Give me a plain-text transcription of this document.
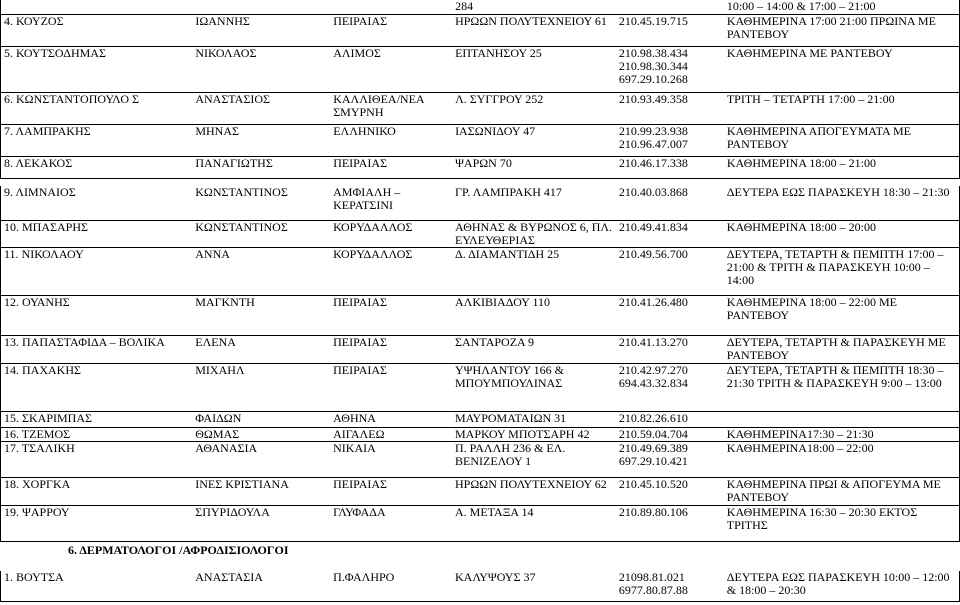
			284		10:00 – 14:00 & 17:00 – 21:00
4. ΚΟΥΖΟΣ	ΙΩΑΝΝΗΣ	ΠΕΙΡΑΙΑΣ	ΗΡΩΩΝ ΠΟΛΥΤΕΧΝΕΙΟΥ 61	210.45.19.715	ΚΑΘΗΜΕΡΙΝΑ 17:00 21:00 ΠΡΩΙΝΑ ΜΕ ΡΑΝΤΕΒΟΥ
5. ΚΟΥΤΣΟΔΗΜΑΣ	ΝΙΚΟΛΑΟΣ	ΑΛΙΜΟΣ	ΕΠΤΑΝΗΣΟΥ 25	210.98.38.434 210.98.30.344 697.29.10.268	ΚΑΘΗΜΕΡΙΝΑ ΜΕ ΡΑΝΤΕΒΟΥ
6. ΚΩΝΣΤΑΝΤΟΠΟΥΛΟ Σ	ΑΝΑΣΤΑΣΙΟΣ	ΚΑΛΛΙΘΕΑ/ΝΕΑ ΣΜΥΡΝΗ	Λ. ΣΥΓΓΡΟΥ 252	210.93.49.358	ΤΡΙΤΗ – ΤΕΤΑΡΤΗ 17:00 – 21:00
7. ΛΑΜΠΡΑΚΗΣ	ΜΗΝΑΣ	ΕΛΛΗΝΙΚΟ	ΙΑΣΩΝΙΔΟΥ 47	210.99.23.938 210.96.47.007	ΚΑΘΗΜΕΡΙΝΑ ΑΠΟΓΕΥΜΑΤΑ ΜΕ ΡΑΝΤΕΒΟΥ
8. ΛΕΚΑΚΟΣ	ΠΑΝΑΓΙΩΤΗΣ	ΠΕΙΡΑΙΑΣ	ΨΑΡΩΝ 70	210.46.17.338	ΚΑΘΗΜΕΡΙΝΑ 18:00 – 21:00
9. ΛΙΜΝΑΙΟΣ	ΚΩΝΣΤΑΝΤΙΝΟΣ	ΑΜΦΙΑΛΗ – ΚΕΡΑΤΣΙΝΙ	ΓΡ. ΛΑΜΠΡΑΚΗ 417	210.40.03.868	ΔΕΥΤΕΡΑ ΕΩΣ ΠΑΡΑΣΚΕΥΗ 18:30 – 21:30
10. ΜΠΑΣΑΡΗΣ	ΚΩΝΣΤΑΝΤΙΝΟΣ	ΚΟΡΥΔΑΛΛΟΣ	ΑΘΗΝΑΣ & ΒΥΡΩΝΟΣ 6, ΠΛ. ΕΥΛΕΥΘΕΡΙΑΣ	210.49.41.834	ΚΑΘΗΜΕΡΙΝΑ 18:00 – 20:00
11. ΝΙΚΟΛΑΟΥ	ΑΝΝΑ	ΚΟΡΥΔΑΛΛΟΣ	Δ. ΔΙΑΜΑΝΤΙΔΗ 25	210.49.56.700	ΔΕΥΤΕΡΑ, ΤΕΤΑΡΤΗ & ΠΕΜΠΤΗ 17:00 – 21:00 & ΤΡΙΤΗ & ΠΑΡΑΣΚΕΥΗ 10:00 – 14:00
12. ΟΥΑΝΗΣ	ΜΑΓΚΝΤΗ	ΠΕΙΡΑΙΑΣ	ΑΛΚΙΒΙΑΔΟΥ 110	210.41.26.480	ΚΑΘΗΜΕΡΙΝΑ 18:00 – 22:00 ΜΕ ΡΑΝΤΕΒΟΥ
13. ΠΑΠΑΣΤΑΦΙΔΑ – ΒΟΛΙΚΑ	ΕΛΕΝΑ	ΠΕΙΡΑΙΑΣ	ΣΑΝΤΑΡΟΖΑ 9	210.41.13.270	ΔΕΥΤΕΡΑ, ΤΕΤΑΡΤΗ & ΠΑΡΑΣΚΕΥΗ ΜΕ ΡΑΝΤΕΒΟΥ
14. ΠΑΧΑΚΗΣ	ΜΙΧΑΗΛ	ΠΕΙΡΑΙΑΣ	ΥΨΗΛΑΝΤΟΥ 166 & ΜΠΟΥΜΠΟΥΛΙΝΑΣ	210.42.97.270 694.43.32.834	ΔΕΥΤΕΡΑ, ΤΕΤΑΡΤΗ & ΠΕΜΠΤΗ 18:30 – 21:30 ΤΡΙΤΗ & ΠΑΡΑΣΚΕΥΗ 9:00 – 13:00
15. ΣΚΑΡΙΜΠΑΣ	ΦΑΙΔΩΝ	ΑΘΗΝΑ	ΜΑΥΡΟΜΑΤΑΙΩΝ 31	210.82.26.610	
16. ΤΖΕΜΟΣ	ΘΩΜΑΣ	ΑΙΓΑΛΕΩ	ΜΑΡΚΟΥ ΜΠΟΤΣΑΡΗ 42	210.59.04.704	ΚΑΘΗΜΕΡΙΝΑ17:30 – 21:30
17. ΤΣΑΛΙΚΗ	ΑΘΑΝΑΣΙΑ	ΝΙΚΑΙΑ	Π. ΡΑΛΛΗ 236 & ΕΛ. ΒΕΝΙΖΕΛΟΥ 1	210.49.69.389 697.29.10.421	ΚΑΘΗΜΕΡΙΝΑ18:00 – 22:00
18. ΧΟΡΓΚΑ	ΙΝΕΣ ΚΡΙΣΤΙΑΝΑ	ΠΕΙΡΑΙΑΣ	ΗΡΩΩΝ ΠΟΛΥΤΕΧΝΕΙΟΥ 62	210.45.10.520	ΚΑΘΗΜΕΡΙΝΑ ΠΡΩΙ & ΑΠΟΓΕΥΜΑ ΜΕ ΡΑΝΤΕΒΟΥ
19. ΨΑΡΡΟΥ	ΣΠΥΡΙΔΟΥΛΑ	ΓΛΥΦΑΔΑ	Α. ΜΕΤΑΞΑ 14	210.89.80.106	ΚΑΘΗΜΕΡΙΝΑ 16:30 – 20:30 ΕΚΤΟΣ ΤΡΙΤΗΣ
6. ΔΕΡΜΑΤΟΛΟΓΟΙ /ΑΦΡΟΔΙΣΙΟΛΟΓΟΙ
1. ΒΟΥΤΣΑ	ΑΝΑΣΤΑΣΙΑ	Π.ΦΑΛΗΡΟ	ΚΑΛΥΨΟΥΣ 37	21098.81.021 6977.80.87.88	ΔΕΥΤΕΡΑ ΕΩΣ ΠΑΡΑΣΚΕΥΗ 10:00 – 12:00 & 18:00 – 20:30
